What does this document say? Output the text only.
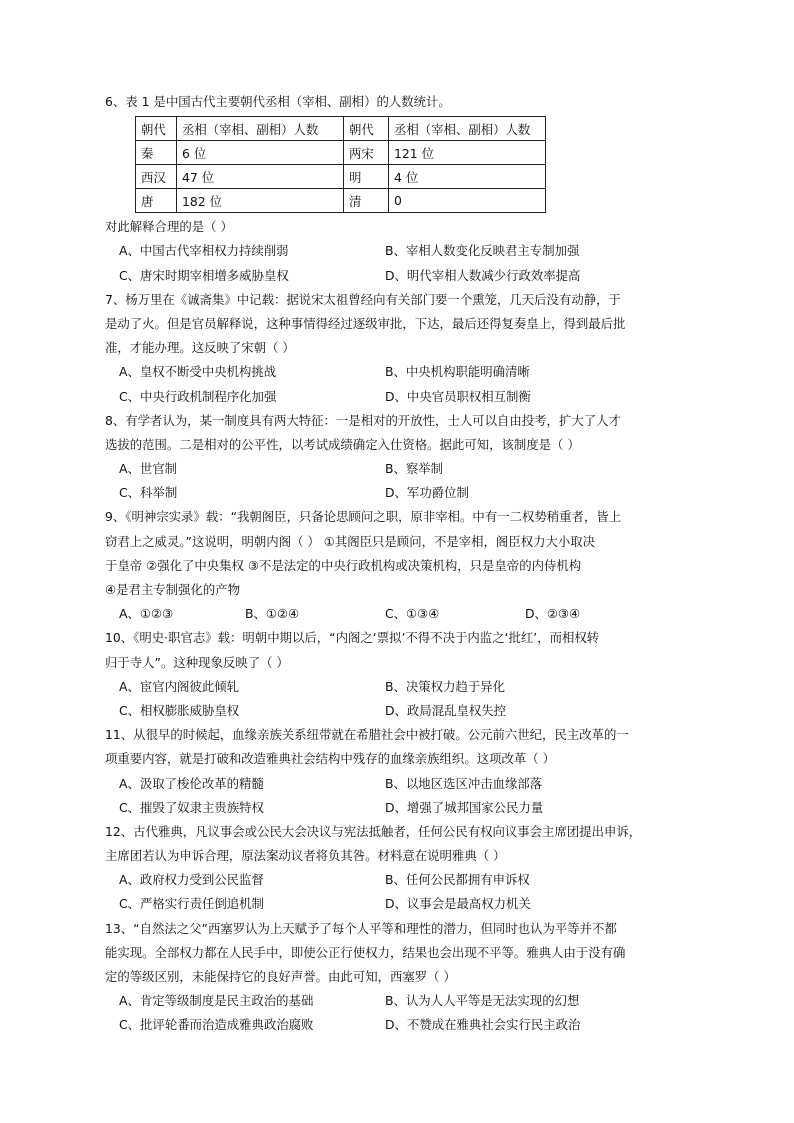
6、表 1 是中国古代主要朝代丞相（宰相、副相）的人数统计。
朝代	丞相（宰相、副相）人数	朝代	丞相（宰相、副相）人数
秦	6 位	两宋	121 位
西汉	47 位	明	4 位
唐	182 位	清	0
对此解释合理的是（ ）
A、中国古代宰相权力持续削弱	B、宰相人数变化反映君主专制加强
C、唐宋时期宰相增多威胁皇权	D、明代宰相人数减少行政效率提高
7、杨万里在《诚斋集》中记载：据说宋太祖曾经向有关部门要一个熏笼，几天后没有动静，于
是动了火。但是官员解释说，这种事情得经过逐级审批，下达，最后还得复奏皇上，得到最后批
准，才能办理。这反映了宋朝（ ）
A、皇权不断受中央机构挑战	B、中央机构职能明确清晰
C、中央行政机制程序化加强	D、中央官员职权相互制衡
8、有学者认为，某一制度具有两大特征：一是相对的开放性，士人可以自由投考，扩大了人才
选拔的范围。二是相对的公平性，以考试成绩确定入仕资格。据此可知，该制度是（ ）
A、世官制	B、察举制
C、科举制	D、军功爵位制
9、《明神宗实录》载：“我朝阁臣，只备论思顾问之职，原非宰相。中有一二权势稍重者，皆上
窃君上之威灵。”这说明，明朝内阁（ ） ①其阁臣只是顾问，不是宰相，阁臣权力大小取决
于皇帝 ②强化了中央集权 ③不是法定的中央行政机构或决策机构，只是皇帝的内侍机构
④是君主专制强化的产物
A、①②③	B、①②④	C、①③④	D、②③④
10、《明史·职官志》载：明朝中期以后，“内阁之‘票拟’不得不决于内监之‘批红’，而相权转
归于寺人”。这种现象反映了（ ）
A、宦官内阁彼此倾轧	B、决策权力趋于异化
C、相权膨胀威胁皇权	D、政局混乱皇权失控
11、从很早的时候起，血缘亲族关系纽带就在希腊社会中被打破。公元前六世纪，民主改革的一
项重要内容，就是打破和改造雅典社会结构中残存的血缘亲族组织。这项改革（ ）
A、汲取了梭伦改革的精髓	B、以地区选区冲击血缘部落
C、摧毁了奴隶主贵族特权	D、增强了城邦国家公民力量
12、古代雅典，凡议事会或公民大会决议与宪法抵触者，任何公民有权向议事会主席团提出申诉，
主席团若认为申诉合理，原法案动议者将负其咎。材料意在说明雅典（ ）
A、政府权力受到公民监督	B、任何公民都拥有申诉权
C、严格实行责任倒追机制	D、议事会是最高权力机关
13、“自然法之父”西塞罗认为上天赋予了每个人平等和理性的潜力，但同时也认为平等并不都
能实现。全部权力都在人民手中，即使公正行使权力，结果也会出现不平等。雅典人由于没有确
定的等级区别，未能保持它的良好声誉。由此可知，西塞罗（ ）
A、肯定等级制度是民主政治的基础	B、认为人人平等是无法实现的幻想
C、批评轮番而治造成雅典政治腐败	D、不赞成在雅典社会实行民主政治
